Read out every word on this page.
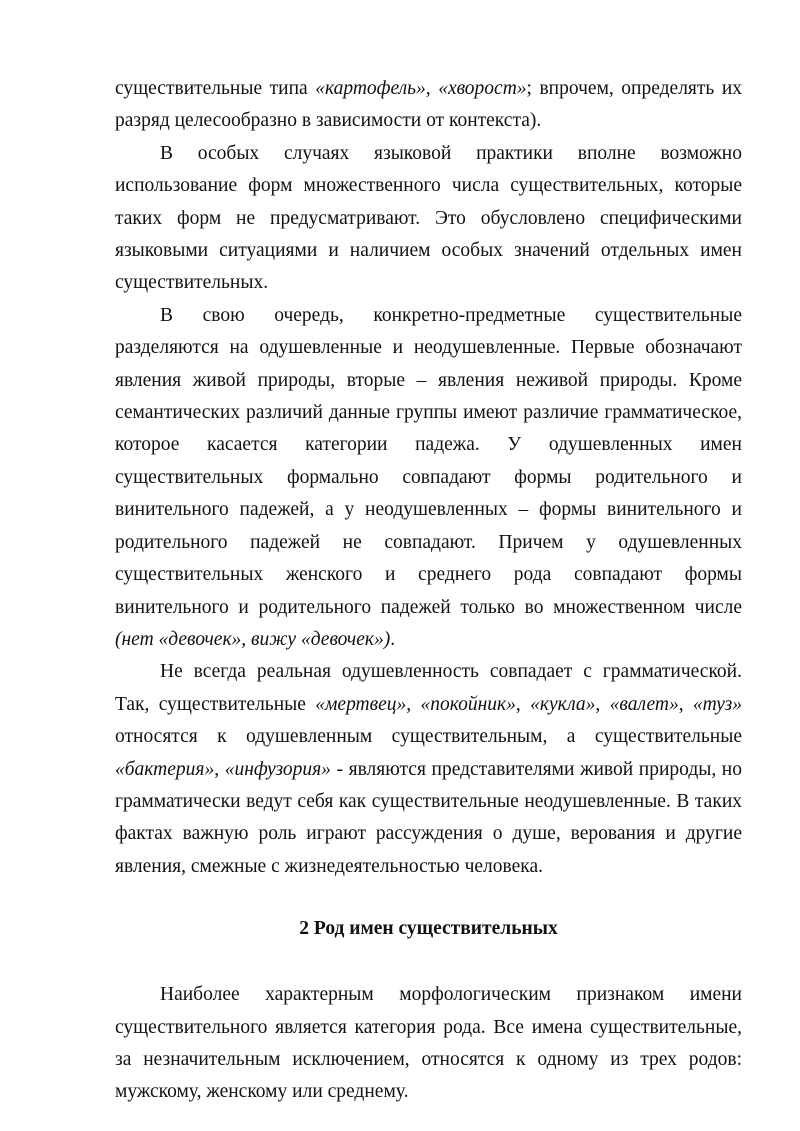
существительные типа «картофель», «хворост»; впрочем, определять их разряд целесообразно в зависимости от контекста).

В особых случаях языковой практики вполне возможно использование форм множественного числа существительных, которые таких форм не предусматривают. Это обусловлено специфическими языковыми ситуациями и наличием особых значений отдельных имен существительных.

В свою очередь, конкретно-предметные существительные разделяются на одушевленные и неодушевленные. Первые обозначают явления живой природы, вторые – явления неживой природы. Кроме семантических различий данные группы имеют различие грамматическое, которое касается категории падежа. У одушевленных имен существительных формально совпадают формы родительного и винительного падежей, а у неодушевленных – формы винительного и родительного падежей не совпадают. Причем у одушевленных существительных женского и среднего рода совпадают формы винительного и родительного падежей только во множественном числе (нет «девочек», вижу «девочек»).

Не всегда реальная одушевленность совпадает с грамматической. Так, существительные «мертвец», «покойник», «кукла», «валет», «туз» относятся к одушевленным существительным, а существительные «бактерия», «инфузория» - являются представителями живой природы, но грамматически ведут себя как существительные неодушевленные. В таких фактах важную роль играют рассуждения о душе, верования и другие явления, смежные с жизнедеятельностью человека.

2 Род имен существительных

Наиболее характерным морфологическим признаком имени существительного является категория рода. Все имена существительные, за незначительным исключением, относятся к одному из трех родов: мужскому, женскому или среднему.
